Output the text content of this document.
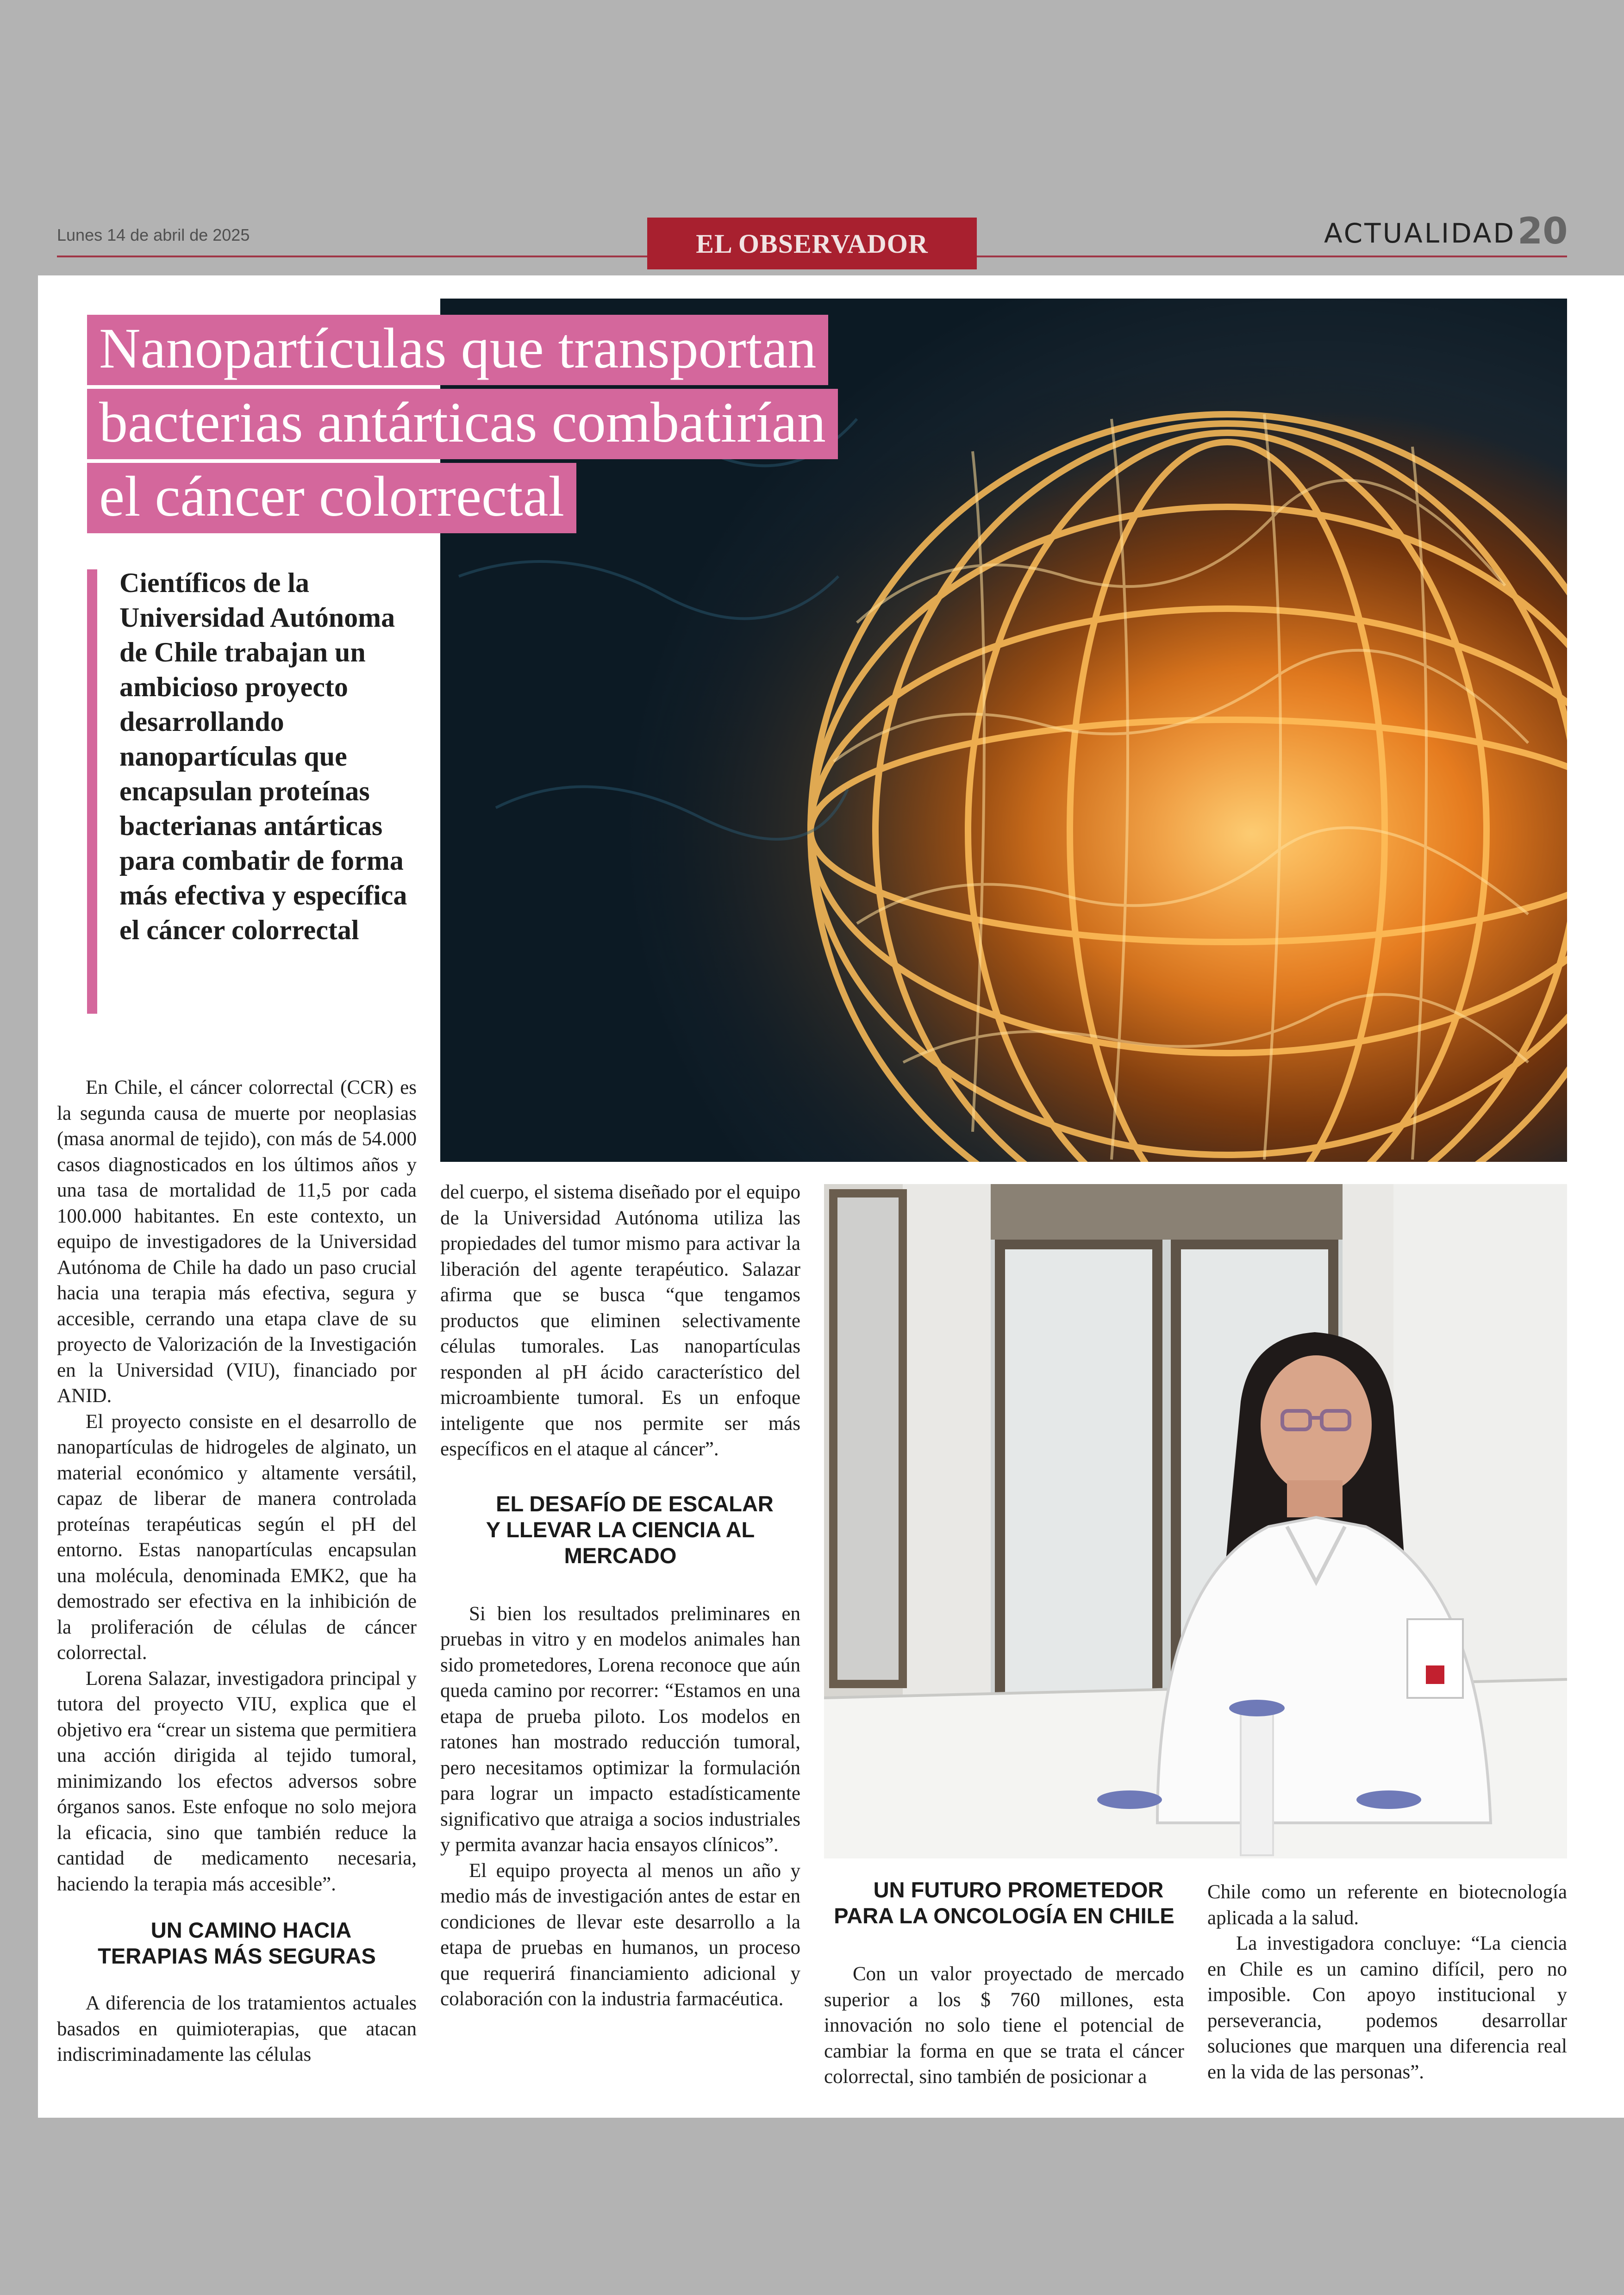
Lunes 14 de abril de 2025	EL OBSERVADOR	ACTUALIDAD 20
Nanopartículas que transportan
bacterias antárticas combatirían
el cáncer colorrectal

Científicos de la Universidad Autónoma de Chile trabajan un ambicioso proyecto desarrollando nanopartículas que encapsulan proteínas bacterianas antárticas para combatir de forma más efectiva y específica el cáncer colorrectal

En Chile, el cáncer colorrectal (CCR) es la segunda causa de muerte por neoplasias (masa anormal de tejido), con más de 54.000 casos diagnosticados en los últimos años y una tasa de mortalidad de 11,5 por cada 100.000 habitantes. En este contexto, un equipo de investigadores de la Universidad Autónoma de Chile ha dado un paso crucial hacia una terapia más efectiva, segura y accesible, cerrando una etapa clave de su proyecto de Valorización de la Investigación en la Universidad (VIU), financiado por ANID.

El proyecto consiste en el desarrollo de nanopartículas de hidrogeles de alginato, un material económico y altamente versátil, capaz de liberar de manera controlada proteínas terapéuticas según el pH del entorno. Estas nanopartículas encapsulan una molécula, denominada EMK2, que ha demostrado ser efectiva en la inhibición de la proliferación de células de cáncer colorrectal.

Lorena Salazar, investigadora principal y tutora del proyecto VIU, explica que el objetivo era “crear un sistema que permitiera una acción dirigida al tejido tumoral, minimizando los efectos adversos sobre órganos sanos. Este enfoque no solo mejora la eficacia, sino que también reduce la cantidad de medicamento necesaria, haciendo la terapia más accesible”.

UN CAMINO HACIA TERAPIAS MÁS SEGURAS

A diferencia de los tratamientos actuales basados en quimioterapias, que atacan indiscriminadamente las células

del cuerpo, el sistema diseñado por el equipo de la Universidad Autónoma utiliza las propiedades del tumor mismo para activar la liberación del agente terapéutico. Salazar afirma que se busca “que tengamos productos que eliminen selectivamente células tumorales. Las nanopartículas responden al pH ácido característico del microambiente tumoral. Es un enfoque inteligente que nos permite ser más específicos en el ataque al cáncer”.

EL DESAFÍO DE ESCALAR Y LLEVAR LA CIENCIA AL MERCADO

Si bien los resultados preliminares en pruebas in vitro y en modelos animales han sido prometedores, Lorena reconoce que aún queda camino por recorrer: “Estamos en una etapa de prueba piloto. Los modelos en ratones han mostrado reducción tumoral, pero necesitamos optimizar la formulación para lograr un impacto estadísticamente significativo que atraiga a socios industriales y permita avanzar hacia ensayos clínicos”.

El equipo proyecta al menos un año y medio más de investigación antes de estar en condiciones de llevar este desarrollo a la etapa de pruebas en humanos, un proceso que requerirá financiamiento adicional y colaboración con la industria farmacéutica.

UN FUTURO PROMETEDOR PARA LA ONCOLOGÍA EN CHILE

Con un valor proyectado de mercado superior a los $ 760 millones, esta innovación no solo tiene el potencial de cambiar la forma en que se trata el cáncer colorrectal, sino también de posicionar a

Chile como un referente en biotecnología aplicada a la salud.

La investigadora concluye: “La ciencia en Chile es un camino difícil, pero no imposible. Con apoyo institucional y perseverancia, podemos desarrollar soluciones que marquen una diferencia real en la vida de las personas”.
